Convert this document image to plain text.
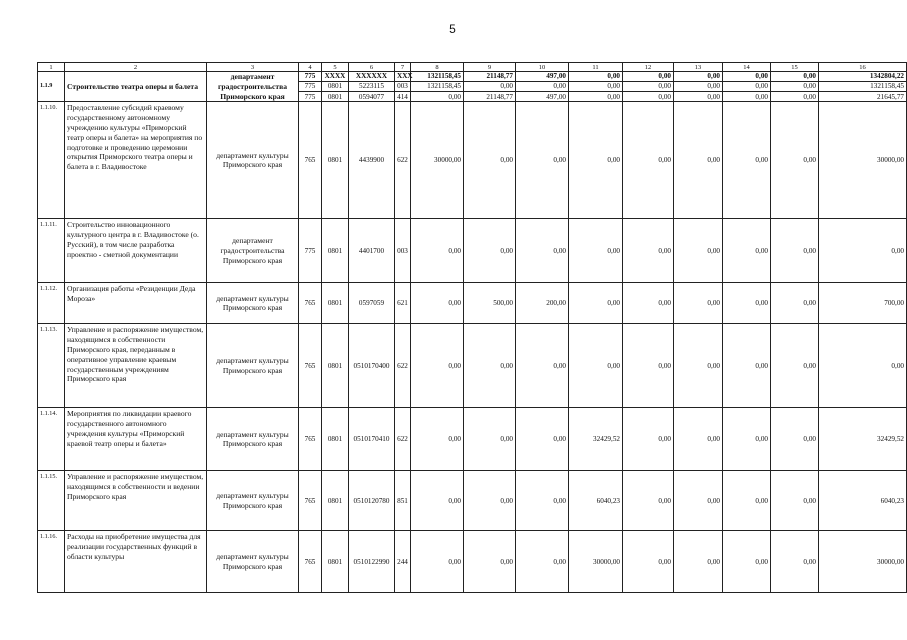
5
1	2	3	4	5	6	7	8	9	10	11	12	13	14	15	16
1.1.9	Строительство театра оперы и балета	департамент градостроительства Приморского края	775	XXXX	XXXXXX	XXX	1321158,45	21148,77	497,00	0,00	0,00	0,00	0,00	0,00	1342804,22
			775	0801	5223115	003	1321158,45	0,00	0,00	0,00	0,00	0,00	0,00	0,00	1321158,45
			775	0801	0594077	414	0,00	21148,77	497,00	0,00	0,00	0,00	0,00	0,00	21645,77
1.1.10.	Предоставление субсидий краевому государственному автономному учреждению культуры «Приморский театр оперы и балета» на мероприятия по подготовке и проведению церемонии открытия Приморского театра оперы и балета в г. Владивостоке	департамент культуры Приморского края	765	0801	4439900	622	30000,00	0,00	0,00	0,00	0,00	0,00	0,00	0,00	30000,00
1.1.11.	Строительство инновационного культурного центра в г. Владивостоке (о. Русский), в том числе разработка проектно - сметной документации	департамент градостроительства Приморского края	775	0801	4401700	003	0,00	0,00	0,00	0,00	0,00	0,00	0,00	0,00	0,00
1.1.12.	Организация работы «Резиденции Деда Мороза»	департамент культуры Приморского края	765	0801	0597059	621	0,00	500,00	200,00	0,00	0,00	0,00	0,00	0,00	700,00
1.1.13.	Управление и распоряжение имуществом, находящимся в собственности Приморского края, переданным в оперативное управление краевым государственным учреждениям Приморского края	департамент культуры Приморского края	765	0801	0510170400	622	0,00	0,00	0,00	0,00	0,00	0,00	0,00	0,00	0,00
1.1.14.	Мероприятия по ликвидации краевого государственного автономного учреждения культуры «Приморский краевой театр оперы и балета»	департамент культуры Приморского края	765	0801	0510170410	622	0,00	0,00	0,00	32429,52	0,00	0,00	0,00	0,00	32429,52
1.1.15.	Управление и распоряжение имуществом, находящимся в собственности и ведении Приморского края	департамент культуры Приморского края	765	0801	0510120780	851	0,00	0,00	0,00	6040,23	0,00	0,00	0,00	0,00	6040,23
1.1.16.	Расходы на приобретение имущества для реализации государственных функций в области культуры	департамент культуры Приморского края	765	0801	0510122990	244	0,00	0,00	0,00	30000,00	0,00	0,00	0,00	0,00	30000,00
